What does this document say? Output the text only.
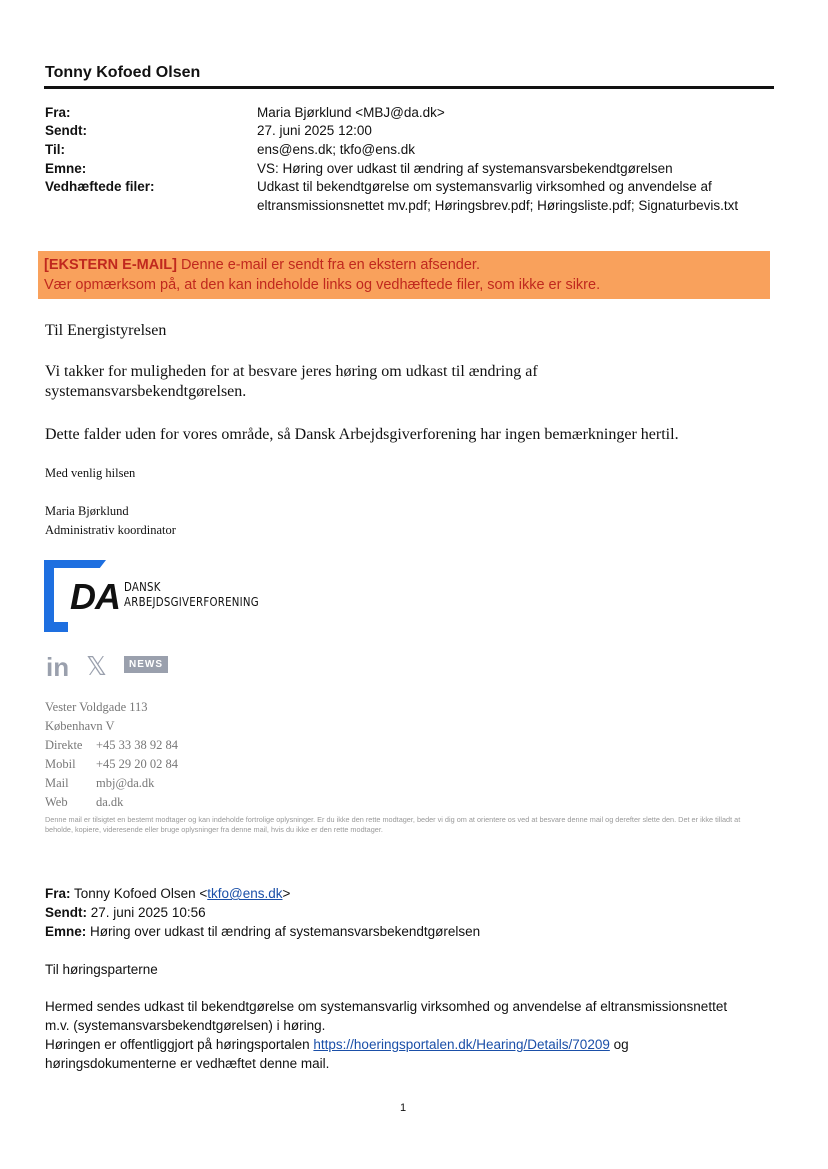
Tonny Kofoed Olsen
Fra:	Maria Bjørklund <MBJ@da.dk>
Sendt:	27. juni 2025 12:00
Til:	ens@ens.dk; tkfo@ens.dk
Emne:	VS: Høring over udkast til ændring af systemansvarsbekendtgørelsen
Vedhæftede filer:	Udkast til bekendtgørelse om systemansvarlig virksomhed og anvendelse af
eltransmissionsnettet mv.pdf; Høringsbrev.pdf; Høringsliste.pdf; Signaturbevis.txt
[EKSTERN E-MAIL] Denne e-mail er sendt fra en ekstern afsender.
Vær opmærksom på, at den kan indeholde links og vedhæftede filer, som ikke er sikre.
Til Energistyrelsen
Vi takker for muligheden for at besvare jeres høring om udkast til ændring af
systemansvarsbekendtgørelsen.
Dette falder uden for vores område, så Dansk Arbejdsgiverforening har ingen bemærkninger hertil.
Med venlig hilsen
Maria Bjørklund
Administrativ koordinator
DA DANSK
ARBEJDSGIVERFORENING
in 𝕏	NEWS
Vester Voldgade 113
København V
Direkte +45 33 38 92 84
Mobil +45 29 20 02 84
Mail mbj@da.dk
Web da.dk
Denne mail er tilsigtet en bestemt modtager og kan indeholde fortrolige oplysninger. Er du ikke den rette modtager, beder vi dig om at orientere os ved at besvare denne mail og derefter slette den. Det er ikke tilladt at beholde, kopiere, videresende eller bruge oplysninger fra denne mail, hvis du ikke er den rette modtager.
Fra: Tonny Kofoed Olsen <tkfo@ens.dk>
Sendt: 27. juni 2025 10:56
Emne: Høring over udkast til ændring af systemansvarsbekendtgørelsen
Til høringsparterne
Hermed sendes udkast til bekendtgørelse om systemansvarlig virksomhed og anvendelse af eltransmissionsnettet
m.v. (systemansvarsbekendtgørelsen) i høring.
Høringen er offentliggjort på høringsportalen https://hoeringsportalen.dk/Hearing/Details/70209 og
høringsdokumenterne er vedhæftet denne mail.
1
